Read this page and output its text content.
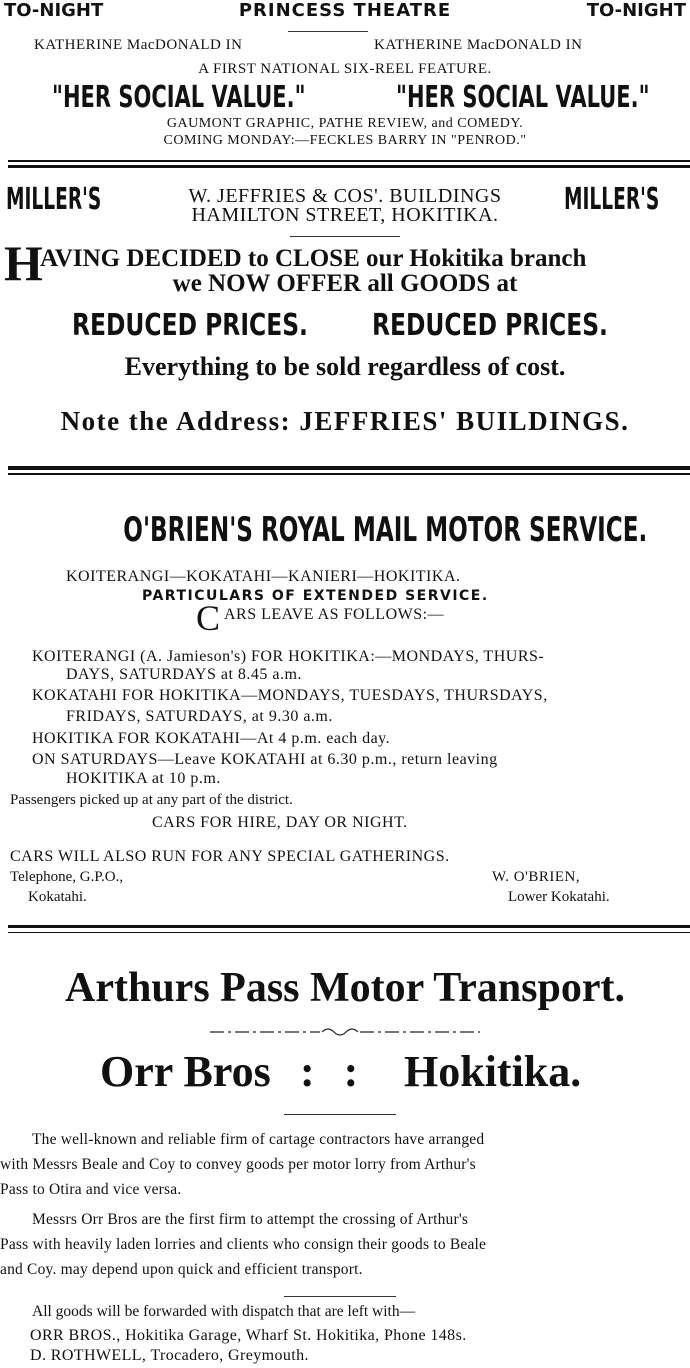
TO-NIGHT	PRINCESS THEATRE	TO-NIGHT
KATHERINE MacDONALD IN	KATHERINE MacDONALD IN
A FIRST NATIONAL SIX-REEL FEATURE.
"HER SOCIAL VALUE."	"HER SOCIAL VALUE."
GAUMONT GRAPHIC, PATHE REVIEW, and COMEDY.
COMING MONDAY:—FECKLES BARRY IN "PENROD."
MILLER'S	MILLER'S
W. JEFFRIES & COS'. BUILDINGS
HAMILTON STREET, HOKITIKA.
H
AVING DECIDED to CLOSE our Hokitika branch
we NOW OFFER all GOODS at
REDUCED PRICES.	REDUCED PRICES.
Everything to be sold regardless of cost.
Note the Address: JEFFRIES' BUILDINGS.
O'BRIEN'S ROYAL MAIL MOTOR SERVICE.
KOITERANGI—KOKATAHI—KANIERI—HOKITIKA.
PARTICULARS OF EXTENDED SERVICE.
C ARS LEAVE AS FOLLOWS:—
KOITERANGI (A. Jamieson's) FOR HOKITIKA:—MONDAYS, THURS-
DAYS, SATURDAYS at 8.45 a.m.
KOKATAHI FOR HOKITIKA—MONDAYS, TUESDAYS, THURSDAYS,
FRIDAYS, SATURDAYS, at 9.30 a.m.
HOKITIKA FOR KOKATAHI—At 4 p.m. each day.
ON SATURDAYS—Leave KOKATAHI at 6.30 p.m., return leaving
HOKITIKA at 10 p.m.
Passengers picked up at any part of the district.
CARS FOR HIRE, DAY OR NIGHT.
CARS WILL ALSO RUN FOR ANY SPECIAL GATHERINGS.
Telephone, G.P.O.,
Kokatahi.
W. O'BRIEN,
Lower Kokatahi.
Arthurs Pass Motor Transport.
Orr Bros : : Hokitika.
The well-known and reliable firm of cartage contractors have arranged
with Messrs Beale and Coy to convey goods per motor lorry from Arthur's
Pass to Otira and vice versa.
Messrs Orr Bros are the first firm to attempt the crossing of Arthur's
Pass with heavily laden lorries and clients who consign their goods to Beale
and Coy. may depend upon quick and efficient transport.
All goods will be forwarded with dispatch that are left with—
ORR BROS., Hokitika Garage, Wharf St. Hokitika, Phone 148s.
D. ROTHWELL, Trocadero, Greymouth.
